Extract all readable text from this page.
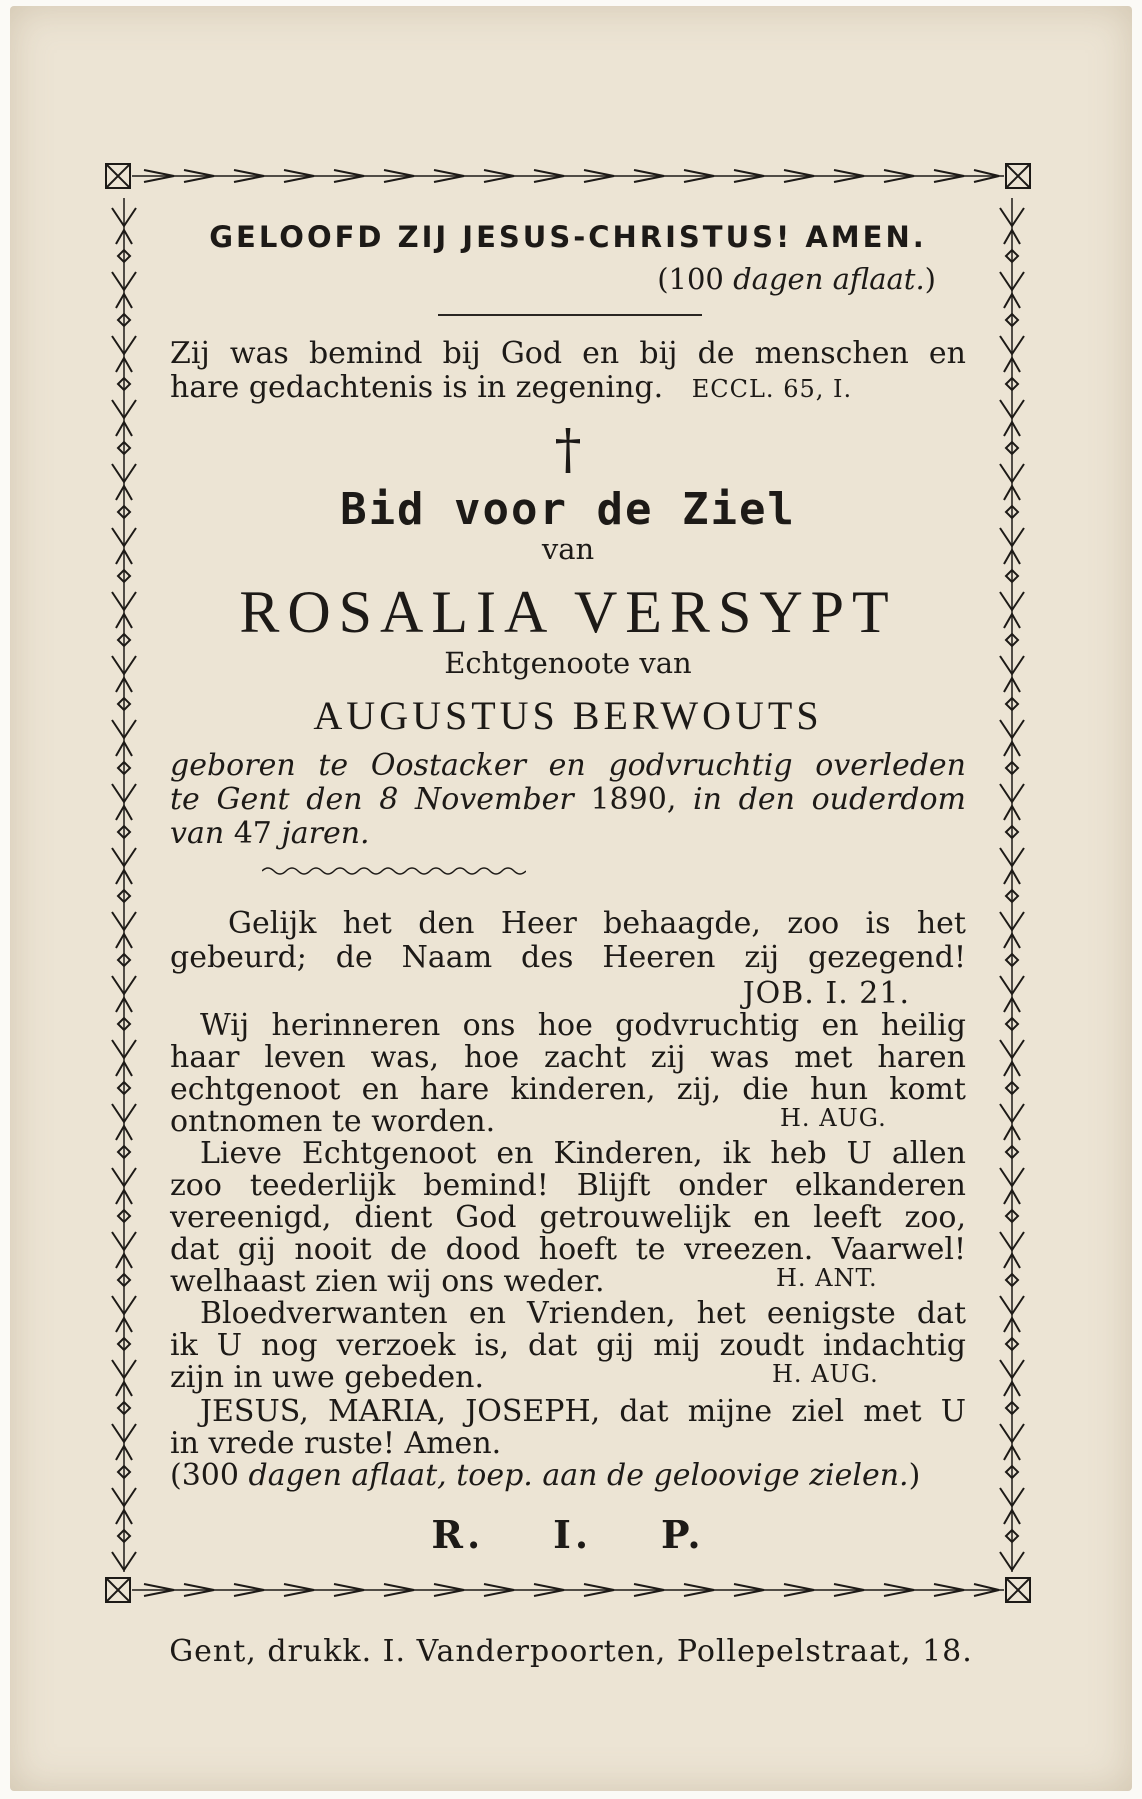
GELOOFD ZIJ JESUS-CHRISTUS! AMEN.
(100 dagen aflaat.)
Zij was bemind bij God en bij de menschen en
hare gedachtenis is in zegening. ECCL. 65, I.
†
Bid voor de Ziel
van
ROSALIA VERSYPT
Echtgenoote van
AUGUSTUS BERWOUTS
geboren te Oostacker en godvruchtig overleden
te Gent den 8 November 1890, in den ouderdom
van 47 jaren.
Gelijk het den Heer behaagde, zoo is het
gebeurd; de Naam des Heeren zij gezegend!
JOB. I. 21.
Wij herinneren ons hoe godvruchtig en heilig
haar leven was, hoe zacht zij was met haren
echtgenoot en hare kinderen, zij, die hun komt
ontnomen te worden.	H. AUG.
Lieve Echtgenoot en Kinderen, ik heb U allen
zoo teederlijk bemind! Blijft onder elkanderen
vereenigd, dient God getrouwelijk en leeft zoo,
dat gij nooit de dood hoeft te vreezen. Vaarwel!
welhaast zien wij ons weder.	H. ANT.
Bloedverwanten en Vrienden, het eenigste dat
ik U nog verzoek is, dat gij mij zoudt indachtig
zijn in uwe gebeden.	H. AUG.
JESUS, MARIA, JOSEPH, dat mijne ziel met U
in vrede ruste! Amen.
(300 dagen aflaat, toep. aan de geloovige zielen.)
R.    I.    P.
Gent, drukk. I. Vanderpoorten, Pollepelstraat, 18.
